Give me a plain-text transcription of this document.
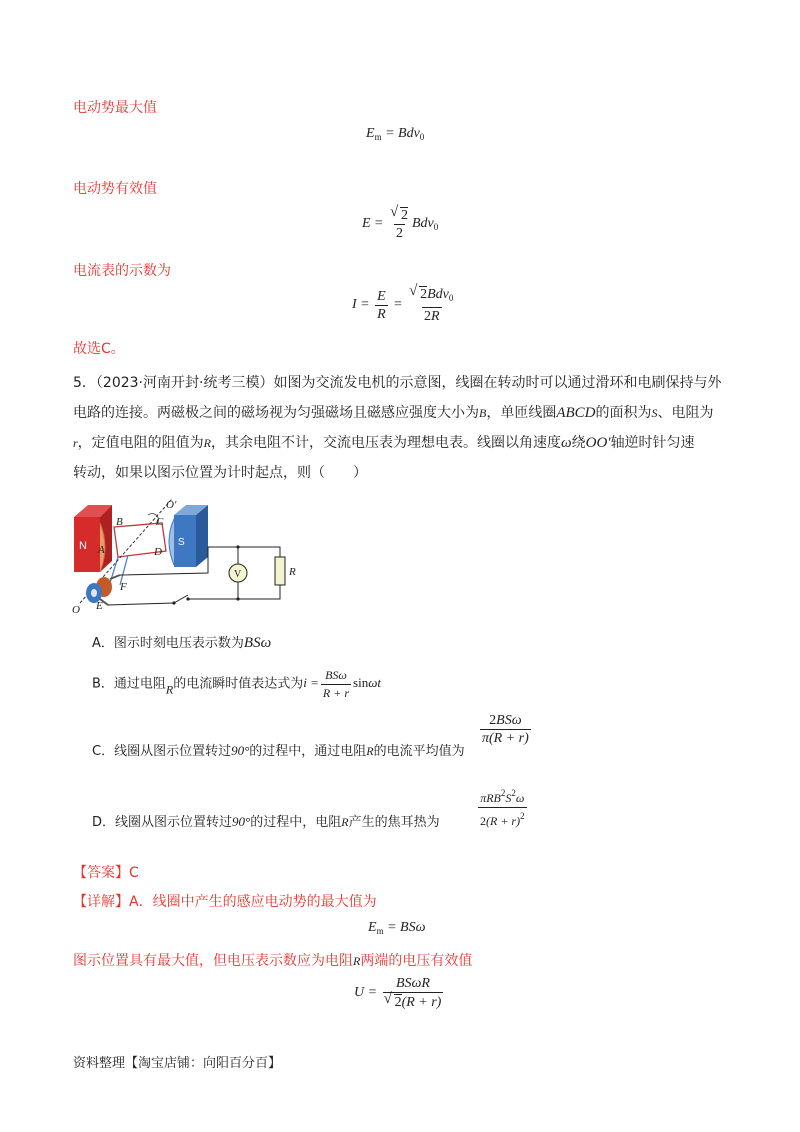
电动势最大值
$E_m = Bdv_0$
电动势有效值
E = √ $\frac{2}{2} Bdv_0$
电流表的示数为
$I = \frac{E}{R}$ = √ $\frac{2Bdv_0}{2R}$
故选C。
5．（2023·河南开封·统考三模）如图为交流发电机的示意图，线圈在转动时可以通过滑环和电刷保持与外
电路的连接。两磁极之间的磁场视为匀强磁场且磁感应强度大小为B，单匝线圈ABCD的面积为S、电阻为
r，定值电阻的阻值为R，其余电阻不计，交流电压表为理想电表。线圈以角速度ω绕OO′轴逆时针匀速
转动，如果以图示位置为计时起点，则（　　）
N	S
V
A
B	C
D
O′
O E
F
R
A．图示时刻电压表示数为BSω
B．通过电阻R的电流瞬时值表达式为$i = \frac{\text{BSω}}{R + r}$ sinωt
C．线圈从图示位置转过90°的过程中，通过电阻R的电流平均值为
$\frac{\text{2BSω}}{\pi(R + r)}$
D．线圈从图示位置转过90°的过程中，电阻R产生的焦耳热为	$\frac{\pi RB^2S^2\omega}{2(R + r)^2}$
【答案】C
【详解】A．线圈中产生的感应电动势的最大值为
$E_m = BS\omega$
图示位置具有最大值，但电压表示数应为电阻R两端的电压有效值
U = BSωR
√ 2(R + r)
资料整理【淘宝店铺：向阳百分百】
